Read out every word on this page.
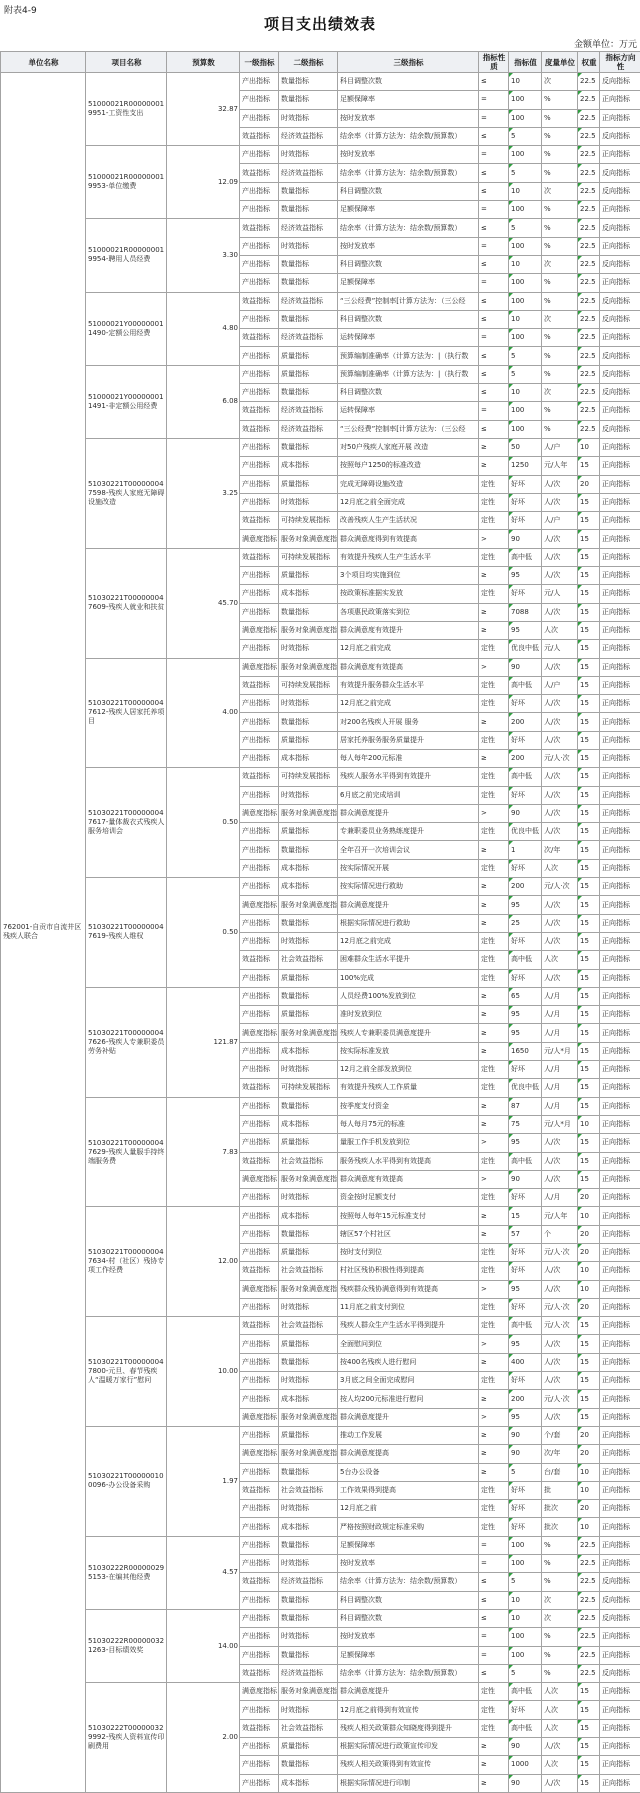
附表4-9
项目支出绩效表
金额单位：万元
单位名称	项目名称	预算数	一级指标	二级指标	三级指标	指标性质	指标值	度量单位	权重	指标方向性
762001-自贡市自流井区残疾人联合	51000021R000000019951-工资性支出	32.87	产出指标	数量指标	科目调整次数	≤	10	次	22.5	反向指标
			产出指标	数量指标	足额保障率	=	100	%	22.5	正向指标
			产出指标	时效指标	按时发放率	=	100	%	22.5	正向指标
			效益指标	经济效益指标	结余率（计算方法为：结余数/预算数）	≤	5	%	22.5	反向指标
	51000021R000000019953-单位缴费	12.09	产出指标	时效指标	按时发放率	=	100	%	22.5	正向指标
			效益指标	经济效益指标	结余率（计算方法为：结余数/预算数）	≤	5	%	22.5	反向指标
			产出指标	数量指标	科目调整次数	≤	10	次	22.5	反向指标
			产出指标	数量指标	足额保障率	=	100	%	22.5	正向指标
	51000021R000000019954-聘用人员经费	3.30	效益指标	经济效益指标	结余率（计算方法为：结余数/预算数）	≤	5	%	22.5	反向指标
			产出指标	时效指标	按时发放率	=	100	%	22.5	正向指标
			产出指标	数量指标	科目调整次数	≤	10	次	22.5	反向指标
			产出指标	数量指标	足额保障率	=	100	%	22.5	正向指标
	51000021Y000000011490-定额公用经费	4.80	效益指标	经济效益指标	“三公经费”控制率[计算方法为：（三公经	≤	100	%	22.5	反向指标
			产出指标	数量指标	科目调整次数	≤	10	次	22.5	反向指标
			效益指标	经济效益指标	运转保障率	=	100	%	22.5	正向指标
			产出指标	质量指标	预算编制准确率（计算方法为：|（执行数	≤	5	%	22.5	反向指标
	51000021Y000000011491-非定额公用经费	6.08	产出指标	质量指标	预算编制准确率（计算方法为：|（执行数	≤	5	%	22.5	反向指标
			产出指标	数量指标	科目调整次数	≤	10	次	22.5	反向指标
			效益指标	经济效益指标	运转保障率	=	100	%	22.5	正向指标
			效益指标	经济效益指标	“三公经费”控制率[计算方法为：（三公经	≤	100	%	22.5	反向指标
	51030221T000000047598-残疾人家庭无障碍设施改造	3.25	产出指标	数量指标	对50户残疾人家庭开展 改造	≥	50	人/户	10	正向指标
			产出指标	成本指标	按照每户1250的标准改造	≥	1250	元/人年	15	正向指标
			产出指标	质量指标	完成无障碍设施改造	定性	好坏	人/次	20	正向指标
			产出指标	时效指标	12月底之前全面完成	定性	好坏	人/次	15	正向指标
			效益指标	可持续发展指标	改善残疾人生产生活状况	定性	好坏	人/户	15	正向指标
			满意度指标	服务对象满意度指	群众满意度得到有效提高	>	90	人/次	15	正向指标
	51030221T000000047609-残疾人就业和扶贫	45.70	效益指标	可持续发展指标	有效提升残疾人生产生活水平	定性	高中低	人/次	15	正向指标
			产出指标	质量指标	3个项目均实施到位	≥	95	人/次	15	正向指标
			产出指标	成本指标	按政策标准据实发放	定性	好坏	元/人	15	正向指标
			产出指标	数量指标	各项惠民政策落实到位	≥	7088	人/次	15	正向指标
			满意度指标	服务对象满意度指	群众满意度有效提升	≥	95	人次	15	正向指标
			产出指标	时效指标	12月底之前完成	定性	优良中低	元/人	15	正向指标
	51030221T000000047612-残疾人居家托养项目	4.00	满意度指标	服务对象满意度指	群众满意度有效提高	>	90	人/次	15	正向指标
			效益指标	可持续发展指标	有效提升服务群众生活水平	定性	高中低	人/户	15	正向指标
			产出指标	时效指标	12月底之前完成	定性	好坏	人/次	15	正向指标
			产出指标	数量指标	对200名残疾人开展 服务	≥	200	人/次	15	正向指标
			产出指标	质量指标	居家托养服务服务质量提升	定性	好坏	人/次	15	正向指标
			产出指标	成本指标	每人每年200元标准	≥	200	元/人·次	15	正向指标
	51030221T000000047617-量体裁衣式残疾人服务培训会	0.50	效益指标	可持续发展指标	残疾人服务水平得到有效提升	定性	高中低	人/次	15	正向指标
			产出指标	时效指标	6月底之前完成培训	定性	好坏	人/次	15	正向指标
			满意度指标	服务对象满意度指	群众满意度提升	>	90	人/次	15	正向指标
			产出指标	质量指标	专兼职委员业务熟练度提升	定性	优良中低	人/次	15	正向指标
			产出指标	数量指标	全年召开一次培训会议	≥	1	次/年	15	正向指标
			产出指标	成本指标	按实际情况开展	定性	好坏	人次	15	正向指标
	51030221T000000047619-残疾人维权	0.50	产出指标	成本指标	按实际情况进行救助	≥	200	元/人·次	15	正向指标
			满意度指标	服务对象满意度指	群众满意度提升	≥	95	人/次	15	正向指标
			产出指标	数量指标	根据实际情况进行救助	≥	25	人/次	15	正向指标
			产出指标	时效指标	12月底之前完成	定性	好坏	人/次	15	正向指标
			效益指标	社会效益指标	困难群众生活水平提升	定性	高中低	人次	15	正向指标
			产出指标	质量指标	100%完成	定性	好坏	人/次	15	正向指标
	51030221T000000047626-残疾人专兼职委员劳务补贴	121.87	产出指标	数量指标	人员经费100%发放到位	≥	65	人/月	15	正向指标
			产出指标	质量指标	准时发放到位	≥	95	人/月	15	正向指标
			满意度指标	服务对象满意度指	残疾人专兼职委员满意度提升	≥	95	人/月	15	正向指标
			产出指标	成本指标	按实际标准发放	≥	1650	元/人*月	15	正向指标
			产出指标	时效指标	12月之前全部发放到位	定性	好坏	人/月	15	正向指标
			效益指标	可持续发展指标	有效提升残疾人工作质量	定性	优良中低	人/月	15	正向指标
	51030221T000000047629-残疾人量服手持终端服务费	7.83	产出指标	数量指标	按季度支付资金	≥	87	人/月	15	正向指标
			产出指标	成本指标	每人每月75元的标准	≥	75	元/人*月	10	正向指标
			产出指标	质量指标	量服工作手机发放到位	>	95	人/次	15	正向指标
			效益指标	社会效益指标	服务残疾人水平得到有效提高	定性	高中低	人/次	15	正向指标
			满意度指标	服务对象满意度指	群众满意度有效提高	>	90	人/次	15	正向指标
			产出指标	时效指标	资金按时足额支付	定性	好坏	人/月	20	正向指标
	51030221T000000047634-村（社区）残协专项工作经费	12.00	产出指标	成本指标	按照每人每年15元标准支付	≥	15	元/人年	10	正向指标
			产出指标	数量指标	辖区57个村社区	≥	57	个	20	正向指标
			产出指标	质量指标	按时支付到位	定性	好坏	元/人·次	20	正向指标
			效益指标	社会效益指标	村社区残协积极性得到提高	定性	好坏	人/次	10	正向指标
			满意度指标	服务对象满意度指	残疾群众残协满意得到有效提高	>	95	人/次	10	正向指标
			产出指标	时效指标	11月底之前支付到位	定性	好坏	元/人·次	20	正向指标
	51030221T000000047800-元旦、春节残疾人“温暖万家行”慰问	10.00	效益指标	社会效益指标	残疾人群众生产生活水平得到提升	定性	高中低	元/人·次	15	正向指标
			产出指标	质量指标	全面慰问到位	>	95	人/次	15	正向指标
			产出指标	数量指标	按400名残疾人进行慰问	≥	400	人/次	15	正向指标
			产出指标	时效指标	3月底之间全面完成慰问	定性	好坏	人/次	15	正向指标
			产出指标	成本指标	按人均200元标准进行慰问	≥	200	元/人·次	15	正向指标
			满意度指标	服务对象满意度指	群众满意度提升	>	95	人/次	15	正向指标
	51030221T000000100096-办公设备采购	1.97	产出指标	质量指标	推动工作发展	≥	90	个/套	20	正向指标
			满意度指标	服务对象满意度指	群众满意度提高	≥	90	次/年	20	正向指标
			产出指标	数量指标	5台办公设备	≥	5	台/套	10	正向指标
			效益指标	社会效益指标	工作效果得到提高	定性	好坏	批	10	正向指标
			产出指标	时效指标	12月底之前	定性	好坏	批次	20	正向指标
			产出指标	成本指标	严格按照财政规定标准采购	定性	好坏	批次	10	正向指标
	51030222R000000295153-在编其他经费	4.57	产出指标	数量指标	足额保障率	=	100	%	22.5	正向指标
			产出指标	时效指标	按时发放率	=	100	%	22.5	正向指标
			效益指标	经济效益指标	结余率（计算方法为：结余数/预算数）	≤	5	%	22.5	反向指标
			产出指标	数量指标	科目调整次数	≤	10	次	22.5	反向指标
	51030222R000000321263-目标绩效奖	14.00	产出指标	数量指标	科目调整次数	≤	10	次	22.5	反向指标
			产出指标	时效指标	按时发放率	=	100	%	22.5	正向指标
			产出指标	数量指标	足额保障率	=	100	%	22.5	正向指标
			效益指标	经济效益指标	结余率（计算方法为：结余数/预算数）	≤	5	%	22.5	反向指标
	51030222T000000329992-残疾人资料宣传印刷费用	2.00	满意度指标	服务对象满意度指	群众满意度提升	定性	高中低	人次	15	正向指标
			产出指标	时效指标	12月底之前得到有效宣传	定性	好坏	人次	15	正向指标
			效益指标	社会效益指标	残疾人相关政策群众知晓度得到提升	定性	高中低	人次	15	正向指标
			产出指标	质量指标	根据实际情况进行政策宣传印发	≥	90	人/次	15	正向指标
			产出指标	数量指标	残疾人相关政策得到有效宣传	≥	1000	人次	15	正向指标
			产出指标	成本指标	根据实际情况进行印制	≥	90	人/次	15	正向指标
